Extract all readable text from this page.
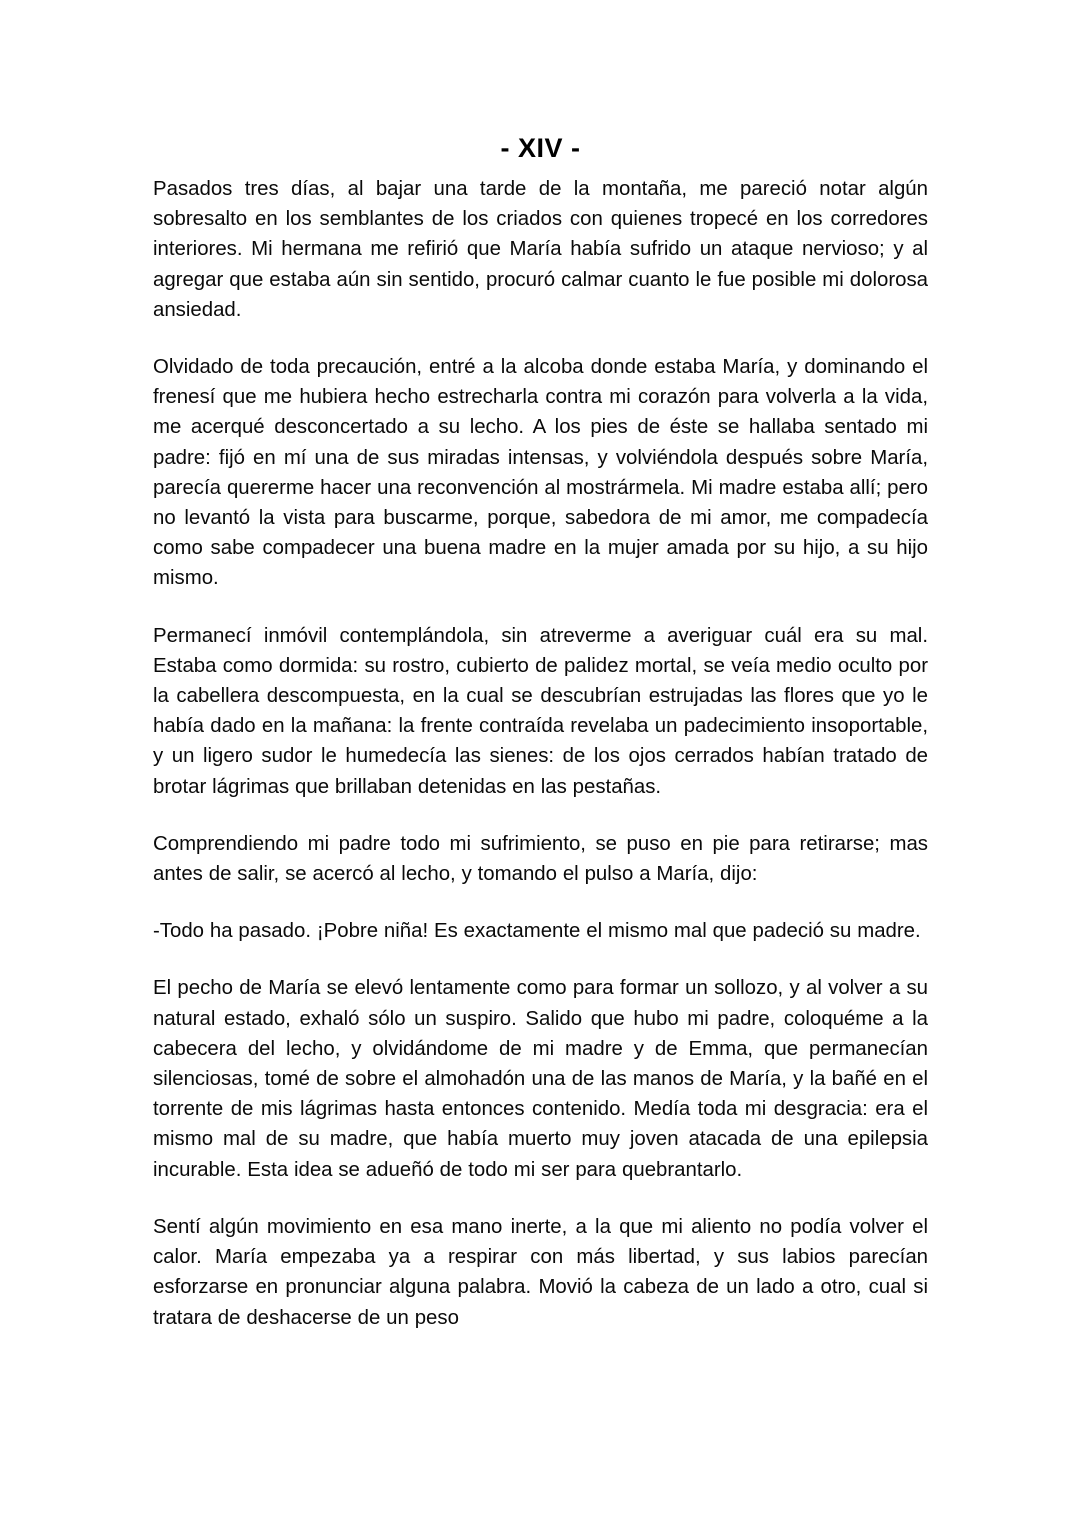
- XIV -

Pasados tres días, al bajar una tarde de la montaña, me pareció notar algún sobresalto en los semblantes de los criados con quienes tropecé en los corredores interiores. Mi hermana me refirió que María había sufrido un ataque nervioso; y al agregar que estaba aún sin sentido, procuró calmar cuanto le fue posible mi dolorosa ansiedad.

Olvidado de toda precaución, entré a la alcoba donde estaba María, y dominando el frenesí que me hubiera hecho estrecharla contra mi corazón para volverla a la vida, me acerqué desconcertado a su lecho. A los pies de éste se hallaba sentado mi padre: fijó en mí una de sus miradas intensas, y volviéndola después sobre María, parecía quererme hacer una reconvención al mostrármela. Mi madre estaba allí; pero no levantó la vista para buscarme, porque, sabedora de mi amor, me compadecía como sabe compadecer una buena madre en la mujer amada por su hijo, a su hijo mismo.

Permanecí inmóvil contemplándola, sin atreverme a averiguar cuál era su mal. Estaba como dormida: su rostro, cubierto de palidez mortal, se veía medio oculto por la cabellera descompuesta, en la cual se descubrían estrujadas las flores que yo le había dado en la mañana: la frente contraída revelaba un padecimiento insoportable, y un ligero sudor le humedecía las sienes: de los ojos cerrados habían tratado de brotar lágrimas que brillaban detenidas en las pestañas.

Comprendiendo mi padre todo mi sufrimiento, se puso en pie para retirarse; mas antes de salir, se acercó al lecho, y tomando el pulso a María, dijo:

-Todo ha pasado. ¡Pobre niña! Es exactamente el mismo mal que padeció su madre.

El pecho de María se elevó lentamente como para formar un sollozo, y al volver a su natural estado, exhaló sólo un suspiro. Salido que hubo mi padre, coloquéme a la cabecera del lecho, y olvidándome de mi madre y de Emma, que permanecían silenciosas, tomé de sobre el almohadón una de las manos de María, y la bañé en el torrente de mis lágrimas hasta entonces contenido. Medía toda mi desgracia: era el mismo mal de su madre, que había muerto muy joven atacada de una epilepsia incurable. Esta idea se adueñó de todo mi ser para quebrantarlo.

Sentí algún movimiento en esa mano inerte, a la que mi aliento no podía volver el calor. María empezaba ya a respirar con más libertad, y sus labios parecían esforzarse en pronunciar alguna palabra. Movió la cabeza de un lado a otro, cual si tratara de deshacerse de un peso
